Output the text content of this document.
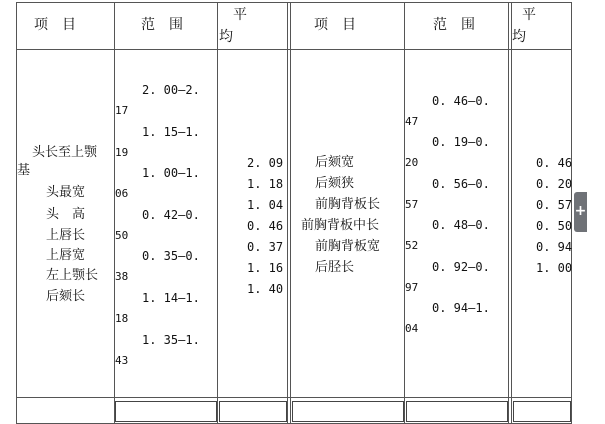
项　目	范　围
平
均
项　目	范　围
平
均
头长至上颚
基
头最宽
头　高
上唇长
上唇宽
左上颚长
后颏长
2. 00—2.
17
1. 15—1.
19
1. 00—1.
06
0. 42—0.
50
0. 35—0.
38
1. 14—1.
18
1. 35—1.
43
2. 09
1. 18
1. 04
0. 46
0. 37
1. 16
1. 40
后颏宽
后颏狭
前胸背板长
前胸背板中长
前胸背板宽
后胫长
0. 46—0.
47
0. 19—0.
20
0. 56—0.
57
0. 48—0.
52
0. 92—0.
97
0. 94—1.
04
0. 46
0. 20
0. 57
0. 50
0. 94
1. 00
+
